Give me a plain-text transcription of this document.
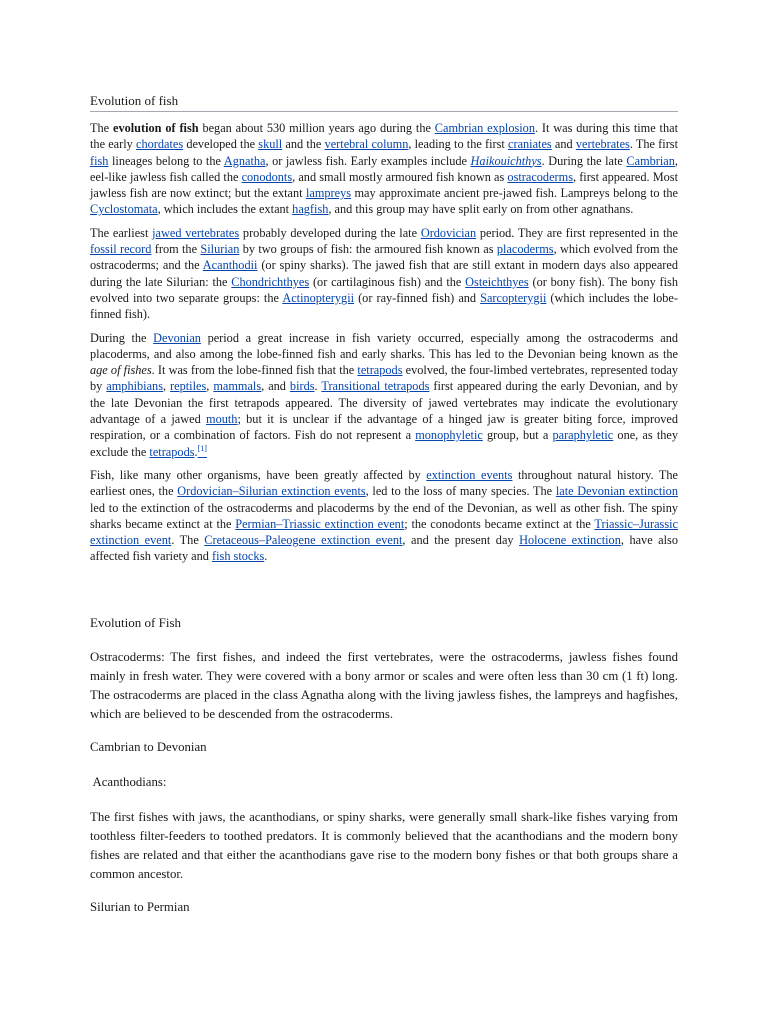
Evolution of fish

The evolution of fish began about 530 million years ago during the Cambrian explosion. It was during this time that the early chordates developed the skull and the vertebral column, leading to the first craniates and vertebrates. The first fish lineages belong to the Agnatha, or jawless fish. Early examples include Haikouichthys. During the late Cambrian, eel-like jawless fish called the conodonts, and small mostly armoured fish known as ostracoderms, first appeared. Most jawless fish are now extinct; but the extant lampreys may approximate ancient pre-jawed fish. Lampreys belong to the Cyclostomata, which includes the extant hagfish, and this group may have split early on from other agnathans.

The earliest jawed vertebrates probably developed during the late Ordovician period. They are first represented in the fossil record from the Silurian by two groups of fish: the armoured fish known as placoderms, which evolved from the ostracoderms; and the Acanthodii (or spiny sharks). The jawed fish that are still extant in modern days also appeared during the late Silurian: the Chondrichthyes (or cartilaginous fish) and the Osteichthyes (or bony fish). The bony fish evolved into two separate groups: the Actinopterygii (or ray-finned fish) and Sarcopterygii (which includes the lobe-finned fish).

During the Devonian period a great increase in fish variety occurred, especially among the ostracoderms and placoderms, and also among the lobe-finned fish and early sharks. This has led to the Devonian being known as the age of fishes. It was from the lobe-finned fish that the tetrapods evolved, the four-limbed vertebrates, represented today by amphibians, reptiles, mammals, and birds. Transitional tetrapods first appeared during the early Devonian, and by the late Devonian the first tetrapods appeared. The diversity of jawed vertebrates may indicate the evolutionary advantage of a jawed mouth; but it is unclear if the advantage of a hinged jaw is greater biting force, improved respiration, or a combination of factors. Fish do not represent a monophyletic group, but a paraphyletic one, as they exclude the tetrapods.[1]

Fish, like many other organisms, have been greatly affected by extinction events throughout natural history. The earliest ones, the Ordovician–Silurian extinction events, led to the loss of many species. The late Devonian extinction led to the extinction of the ostracoderms and placoderms by the end of the Devonian, as well as other fish. The spiny sharks became extinct at the Permian–Triassic extinction event; the conodonts became extinct at the Triassic–Jurassic extinction event. The Cretaceous–Paleogene extinction event, and the present day Holocene extinction, have also affected fish variety and fish stocks.

Evolution of Fish

Ostracoderms: The first fishes, and indeed the first vertebrates, were the ostracoderms, jawless fishes found mainly in fresh water. They were covered with a bony armor or scales and were often less than 30 cm (1 ft) long. The ostracoderms are placed in the class Agnatha along with the living jawless fishes, the lampreys and hagfishes, which are believed to be descended from the ostracoderms.

Cambrian to Devonian

Acanthodians:

The first fishes with jaws, the acanthodians, or spiny sharks, were generally small shark-like fishes varying from toothless filter-feeders to toothed predators. It is commonly believed that the acanthodians and the modern bony fishes are related and that either the acanthodians gave rise to the modern bony fishes or that both groups share a common ancestor.

Silurian to Permian
